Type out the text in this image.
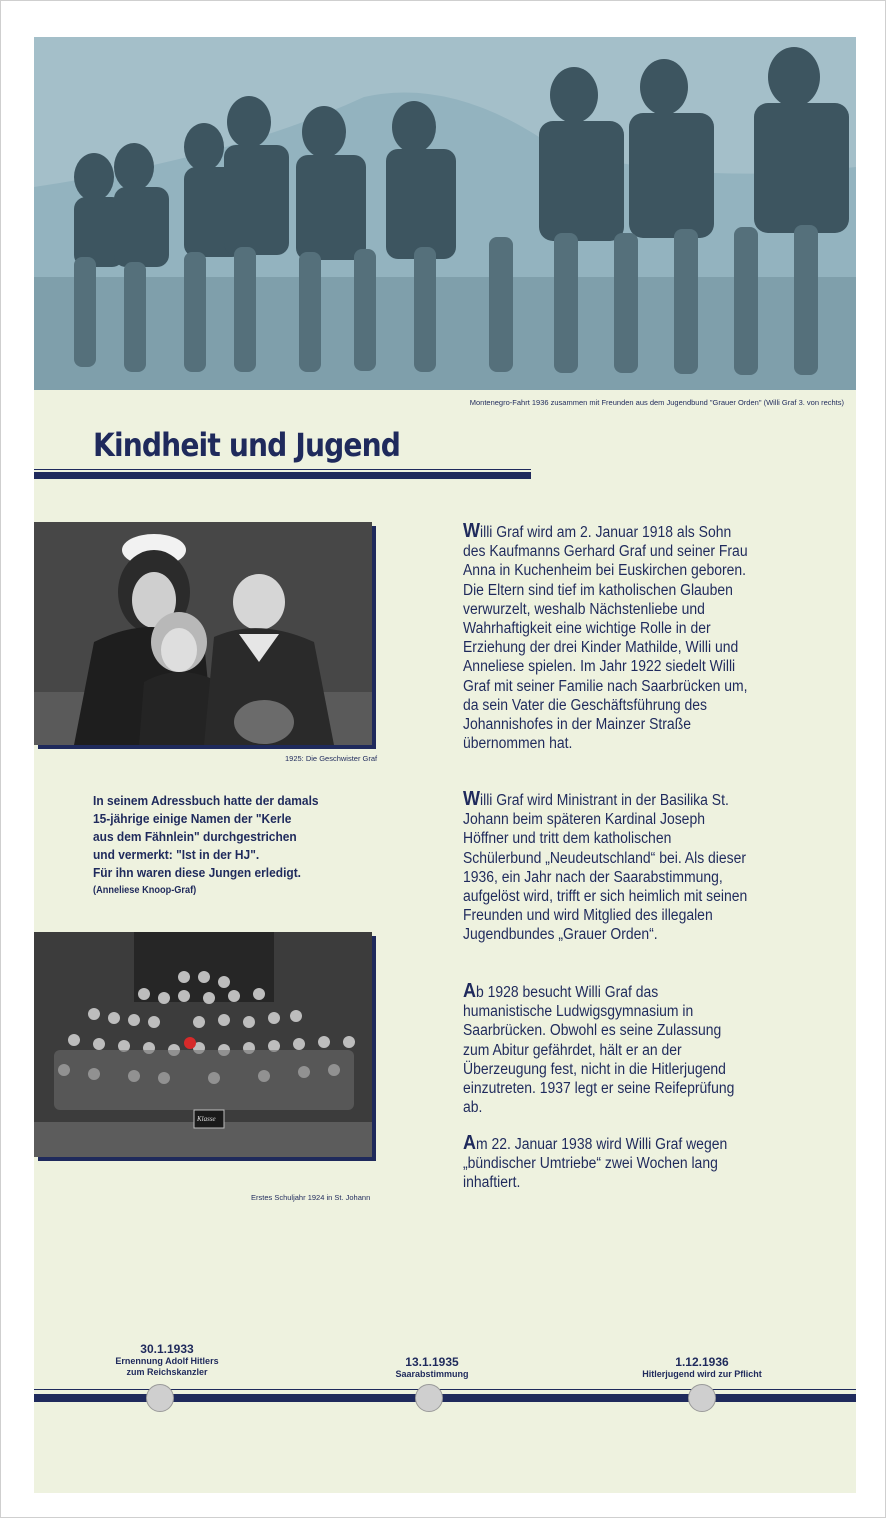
Montenegro-Fahrt 1936 zusammen mit Freunden aus dem Jugendbund "Grauer Orden" (Willi Graf 3. von rechts)
Kindheit und Jugend
1925: Die Geschwister Graf
In seinem Adressbuch hatte der damals
15-jährige einige Namen der "Kerle
aus dem Fähnlein" durchgestrichen
und vermerkt: "Ist in der HJ".
Für ihn waren diese Jungen erledigt.
(Anneliese Knoop-Graf)
Klasse
Erstes Schuljahr 1924 in St. Johann
Willi Graf wird am 2. Januar 1918 als Sohn des Kaufmanns Gerhard Graf und seiner Frau Anna in Kuchenheim bei Euskirchen geboren. Die Eltern sind tief im katholischen Glauben verwurzelt, weshalb Nächstenliebe und Wahrhaftigkeit eine wichtige Rolle in der Erziehung der drei Kinder Mathilde, Willi und Anneliese spielen. Im Jahr 1922 siedelt Willi Graf mit seiner Familie nach Saarbrücken um, da sein Vater die Geschäftsführung des Johannishofes in der Mainzer Straße übernommen hat.
Willi Graf wird Ministrant in der Basilika St. Johann beim späteren Kardinal Joseph Höffner und tritt dem katholischen Schülerbund „Neudeutschland“ bei. Als dieser 1936, ein Jahr nach der Saarabstimmung, aufgelöst wird, trifft er sich heimlich mit seinen Freunden und wird Mitglied des illegalen Jugendbundes „Grauer Orden“.
Ab 1928 besucht Willi Graf das humanistische Ludwigsgymnasium in Saarbrücken. Obwohl es seine Zulassung zum Abitur gefährdet, hält er an der Überzeugung fest, nicht in die Hitlerjugend einzutreten. 1937 legt er seine Reifeprüfung ab.
Am 22. Januar 1938 wird Willi Graf wegen „bündischer Umtriebe“ zwei Wochen lang inhaftiert.
30.1.1933
Ernennung Adolf Hitlers
zum Reichskanzler
13.1.1935
Saarabstimmung
1.12.1936
Hitlerjugend wird zur Pflicht
